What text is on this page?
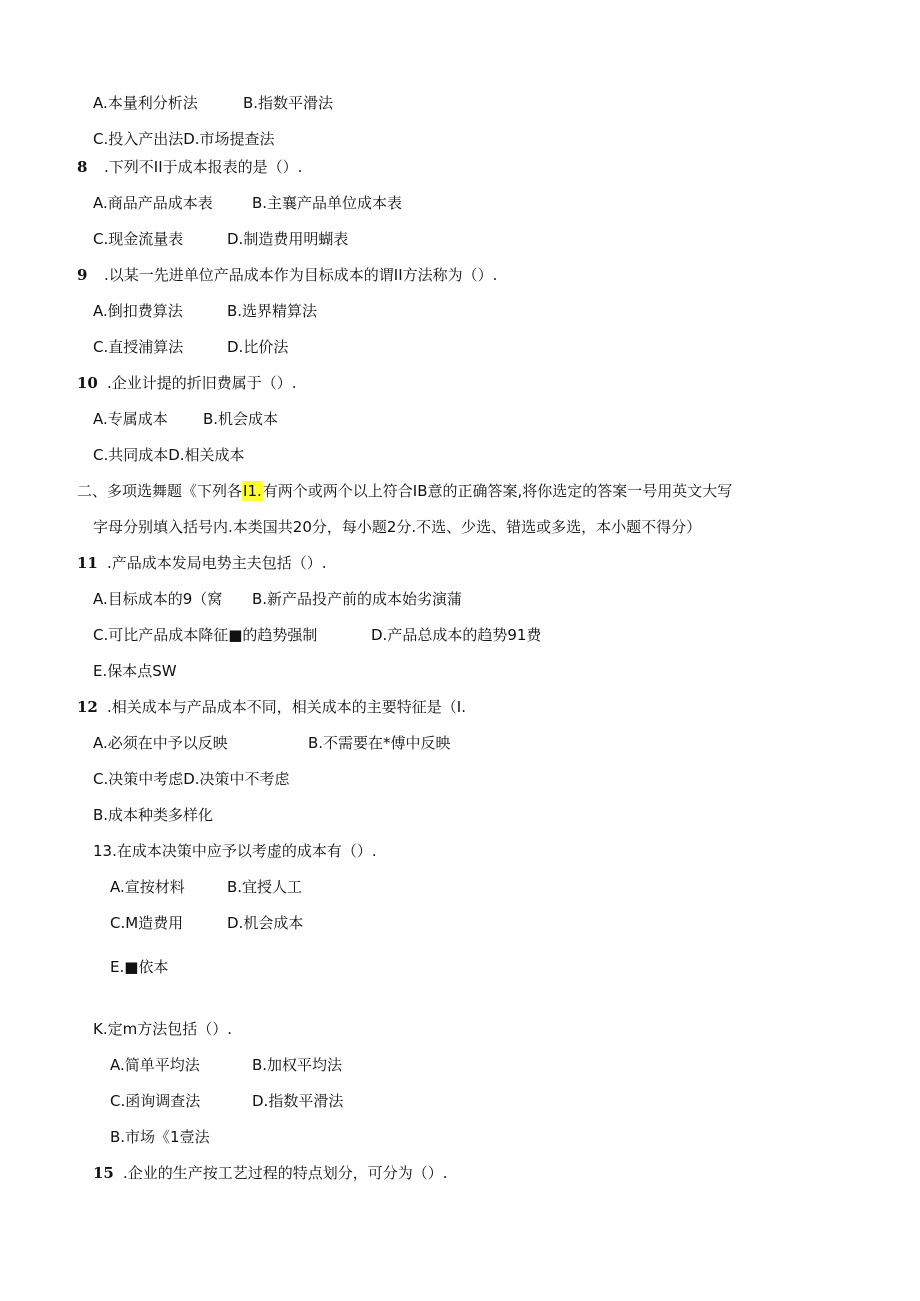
A.本量利分析法	B.指数平滑法
C.投入产出法D.市场提查法
8 .下列不II于成本报表的是（）.
A.商品产品成本表	B.主襄产品单位成本表
C.现金流量表	D.制造费用明蝴表
9 .以某一先进单位产品成本作为目标成本的谓II方法称为（）.
A.倒扣费算法	B.选界精算法
C.直授浦算法	D.比价法
10 .企业计提的折旧费属于（）.
A.专属成本 B.机会成本
C.共同成本D.相关成本
二、多项选舞题《下列各I1.有两个或两个以上符合IB意的正确答案,将你选定的答案一号用英文大写
字母分别填入括号内.本类国共20分，每小题2分.不选、少选、错选或多选，本小题不得分）
11 .产品成本发局电势主夫包括（）.
A.目标成本的9（窝 B.新产品投产前的成本始劣演蒲
C.可比产品成本降征■的趋势强制	D.产品总成本的趋势91费
E.保本点SW
12 .相关成本与产品成本不同，相关成本的主要特征是（I.
A.必须在中予以反映	B.不需要在*傅中反映
C.决策中考虑D.决策中不考虑
B.成本种类多样化
13.在成本决策中应予以考虚的成本有（）.
A.宣按材料	B.宜授人工
C.M造费用	D.机会成本
E.■依本
K.定m方法包括（）.
A.简单平均法	B.加权平均法
C.函询调查法	D.指数平滑法
B.市场《1壹法
15 .企业的生产按工艺过程的特点划分，可分为（）.
